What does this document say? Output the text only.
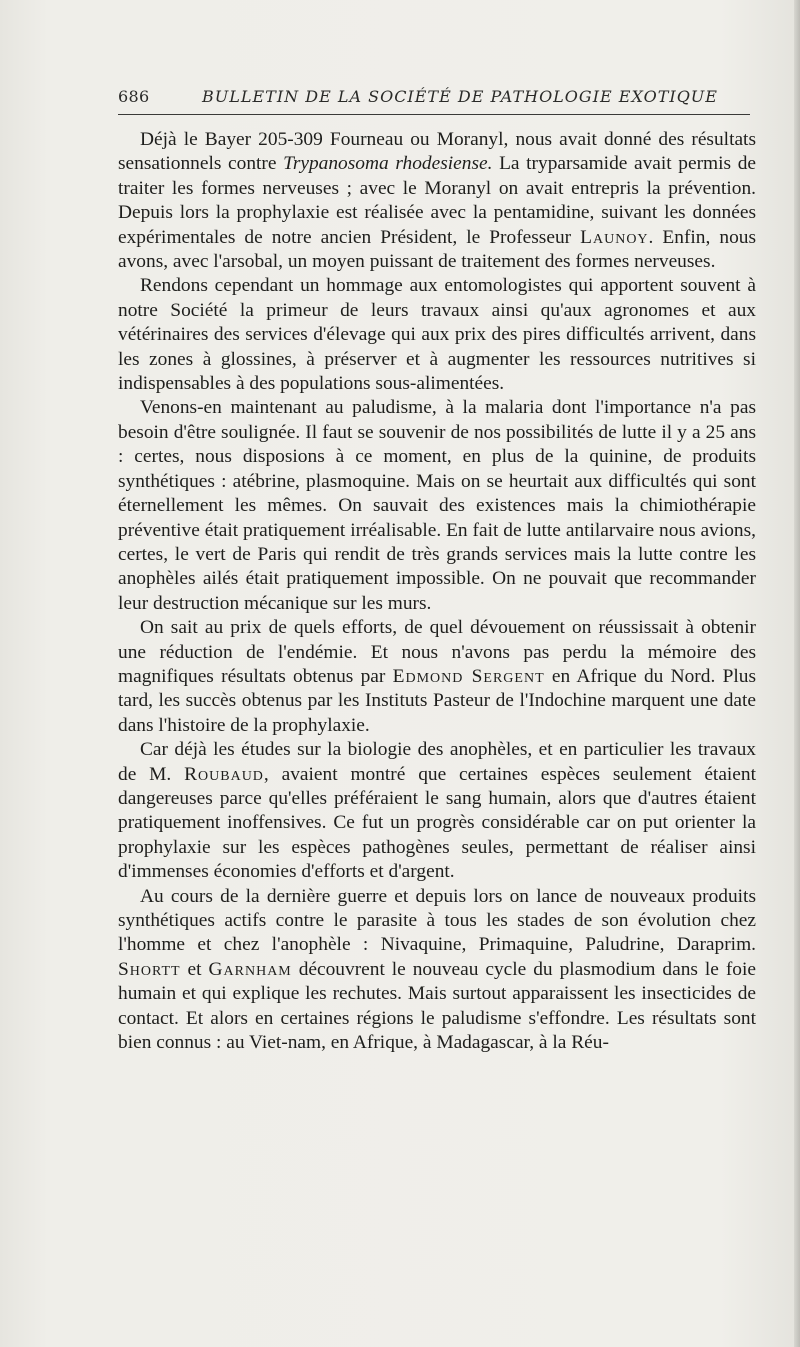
686	BULLETIN DE LA SOCIÉTÉ DE PATHOLOGIE EXOTIQUE

Déjà le Bayer 205-309 Fourneau ou Moranyl, nous avait donné des résultats sensationnels contre Trypanosoma rhodesiense. La tryparsamide avait permis de traiter les formes nerveuses ; avec le Moranyl on avait entrepris la prévention. Depuis lors la prophylaxie est réalisée avec la pentamidine, suivant les données expérimentales de notre ancien Président, le Professeur Launoy. Enfin, nous avons, avec l'arsobal, un moyen puissant de traitement des formes nerveuses.

Rendons cependant un hommage aux entomologistes qui apportent souvent à notre Société la primeur de leurs travaux ainsi qu'aux agronomes et aux vétérinaires des services d'élevage qui aux prix des pires difficultés arrivent, dans les zones à glossines, à préserver et à augmenter les ressources nutritives si indispensables à des populations sous-alimentées.

Venons-en maintenant au paludisme, à la malaria dont l'importance n'a pas besoin d'être soulignée. Il faut se souvenir de nos possibilités de lutte il y a 25 ans : certes, nous disposions à ce moment, en plus de la quinine, de produits synthétiques : atébrine, plasmoquine. Mais on se heurtait aux difficultés qui sont éternellement les mêmes. On sauvait des existences mais la chimiothérapie préventive était pratiquement irréalisable. En fait de lutte antilarvaire nous avions, certes, le vert de Paris qui rendit de très grands services mais la lutte contre les anophèles ailés était pratiquement impossible. On ne pouvait que recommander leur destruction mécanique sur les murs.

On sait au prix de quels efforts, de quel dévouement on réussissait à obtenir une réduction de l'endémie. Et nous n'avons pas perdu la mémoire des magnifiques résultats obtenus par Edmond Sergent en Afrique du Nord. Plus tard, les succès obtenus par les Instituts Pasteur de l'Indochine marquent une date dans l'histoire de la prophylaxie.

Car déjà les études sur la biologie des anophèles, et en particulier les travaux de M. Roubaud, avaient montré que certaines espèces seulement étaient dangereuses parce qu'elles préféraient le sang humain, alors que d'autres étaient pratiquement inoffensives. Ce fut un progrès considérable car on put orienter la prophylaxie sur les espèces pathogènes seules, permettant de réaliser ainsi d'immenses économies d'efforts et d'argent.

Au cours de la dernière guerre et depuis lors on lance de nouveaux produits synthétiques actifs contre le parasite à tous les stades de son évolution chez l'homme et chez l'anophèle : Nivaquine, Primaquine, Paludrine, Daraprim. Shortt et Garnham découvrent le nouveau cycle du plasmodium dans le foie humain et qui explique les rechutes. Mais surtout apparaissent les insecticides de contact. Et alors en certaines régions le paludisme s'effondre. Les résultats sont bien connus : au Viet-nam, en Afrique, à Madagascar, à la Réu-
